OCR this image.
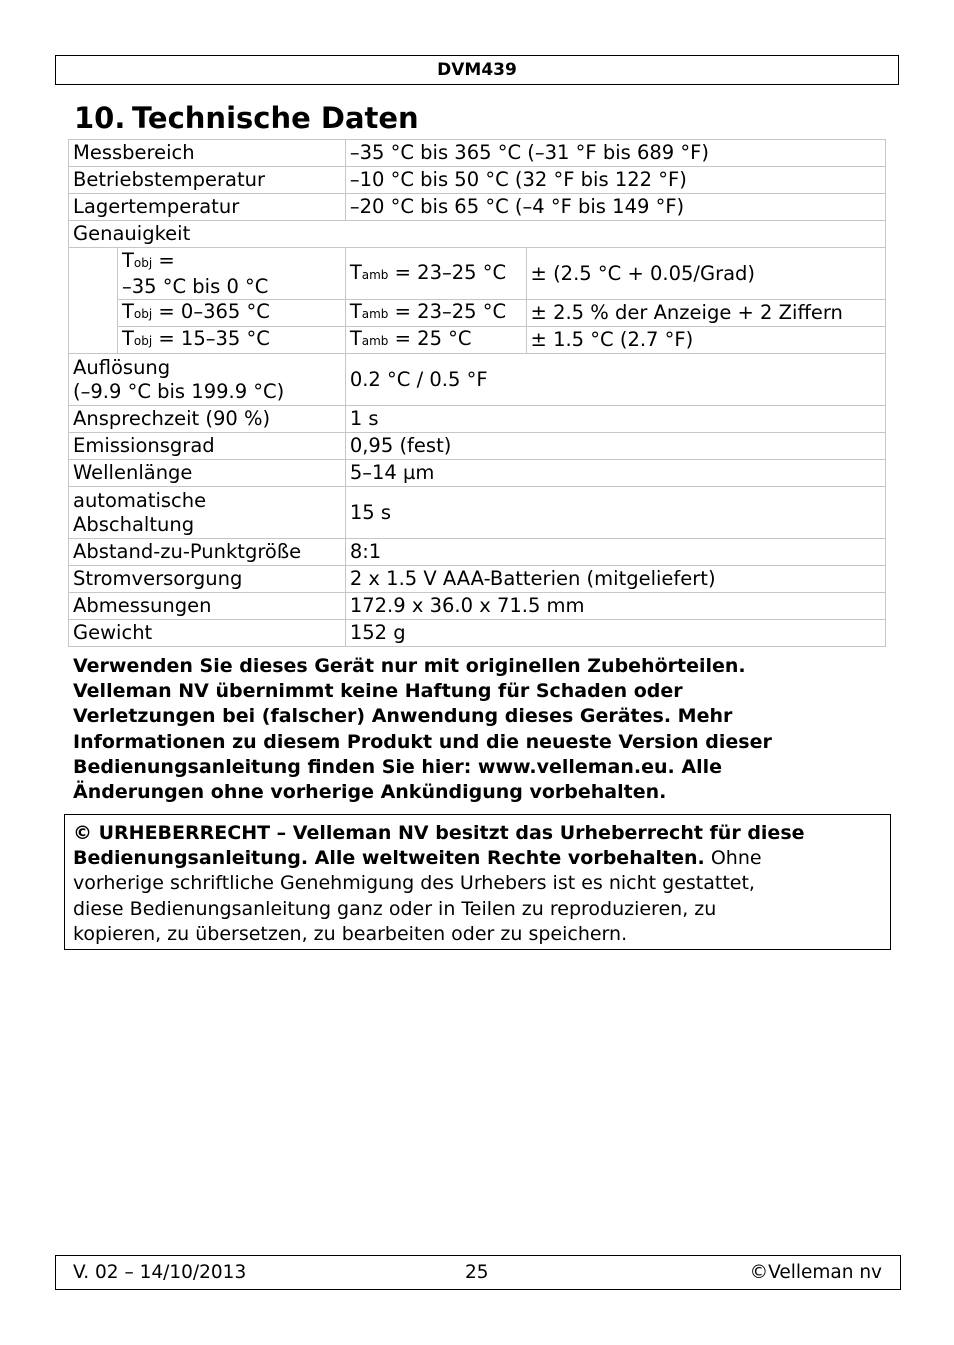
DVM439
10. Technische Daten
Messbereich		–35 °C bis 365 °C (–31 °F bis 689 °F)	
Betriebstemperatur		–10 °C bis 50 °C (32 °F bis 122 °F)	
Lagertemperatur		–20 °C bis 65 °C (–4 °F bis 149 °F)	
Genauigkeit			
	Tobj =
–35 °C bis 0 °C	Tamb = 23–25 °C	± (2.5 °C + 0.05/Grad)
	Tobj = 0–365 °C	Tamb = 23–25 °C	± 2.5 % der Anzeige + 2 Ziffern
	Tobj = 15–35 °C	Tamb = 25 °C	± 1.5 °C (2.7 °F)
Auflösung
(–9.9 °C bis 199.9 °C)		0.2 °C / 0.5 °F	
Ansprechzeit (90 %)		1 s	
Emissionsgrad		0,95 (fest)	
Wellenlänge		5–14 µm	
automatische
Abschaltung		15 s	
Abstand-zu-Punktgröße		8:1	
Stromversorgung		2 x 1.5 V AAA-Batterien (mitgeliefert)	
Abmessungen		172.9 x 36.0 x 71.5 mm	
Gewicht		152 g	

Verwenden Sie dieses Gerät nur mit originellen Zubehörteilen.
Velleman NV übernimmt keine Haftung für Schaden oder
Verletzungen bei (falscher) Anwendung dieses Gerätes. Mehr
Informationen zu diesem Produkt und die neueste Version dieser
Bedienungsanleitung finden Sie hier: www.velleman.eu. Alle
Änderungen ohne vorherige Ankündigung vorbehalten.

© URHEBERRECHT – Velleman NV besitzt das Urheberrecht für diese
Bedienungsanleitung. Alle weltweiten Rechte vorbehalten. Ohne
vorherige schriftliche Genehmigung des Urhebers ist es nicht gestattet,
diese Bedienungsanleitung ganz oder in Teilen zu reproduzieren, zu
kopieren, zu übersetzen, zu bearbeiten oder zu speichern.
V. 02 – 14/10/2013	25	©Velleman nv
